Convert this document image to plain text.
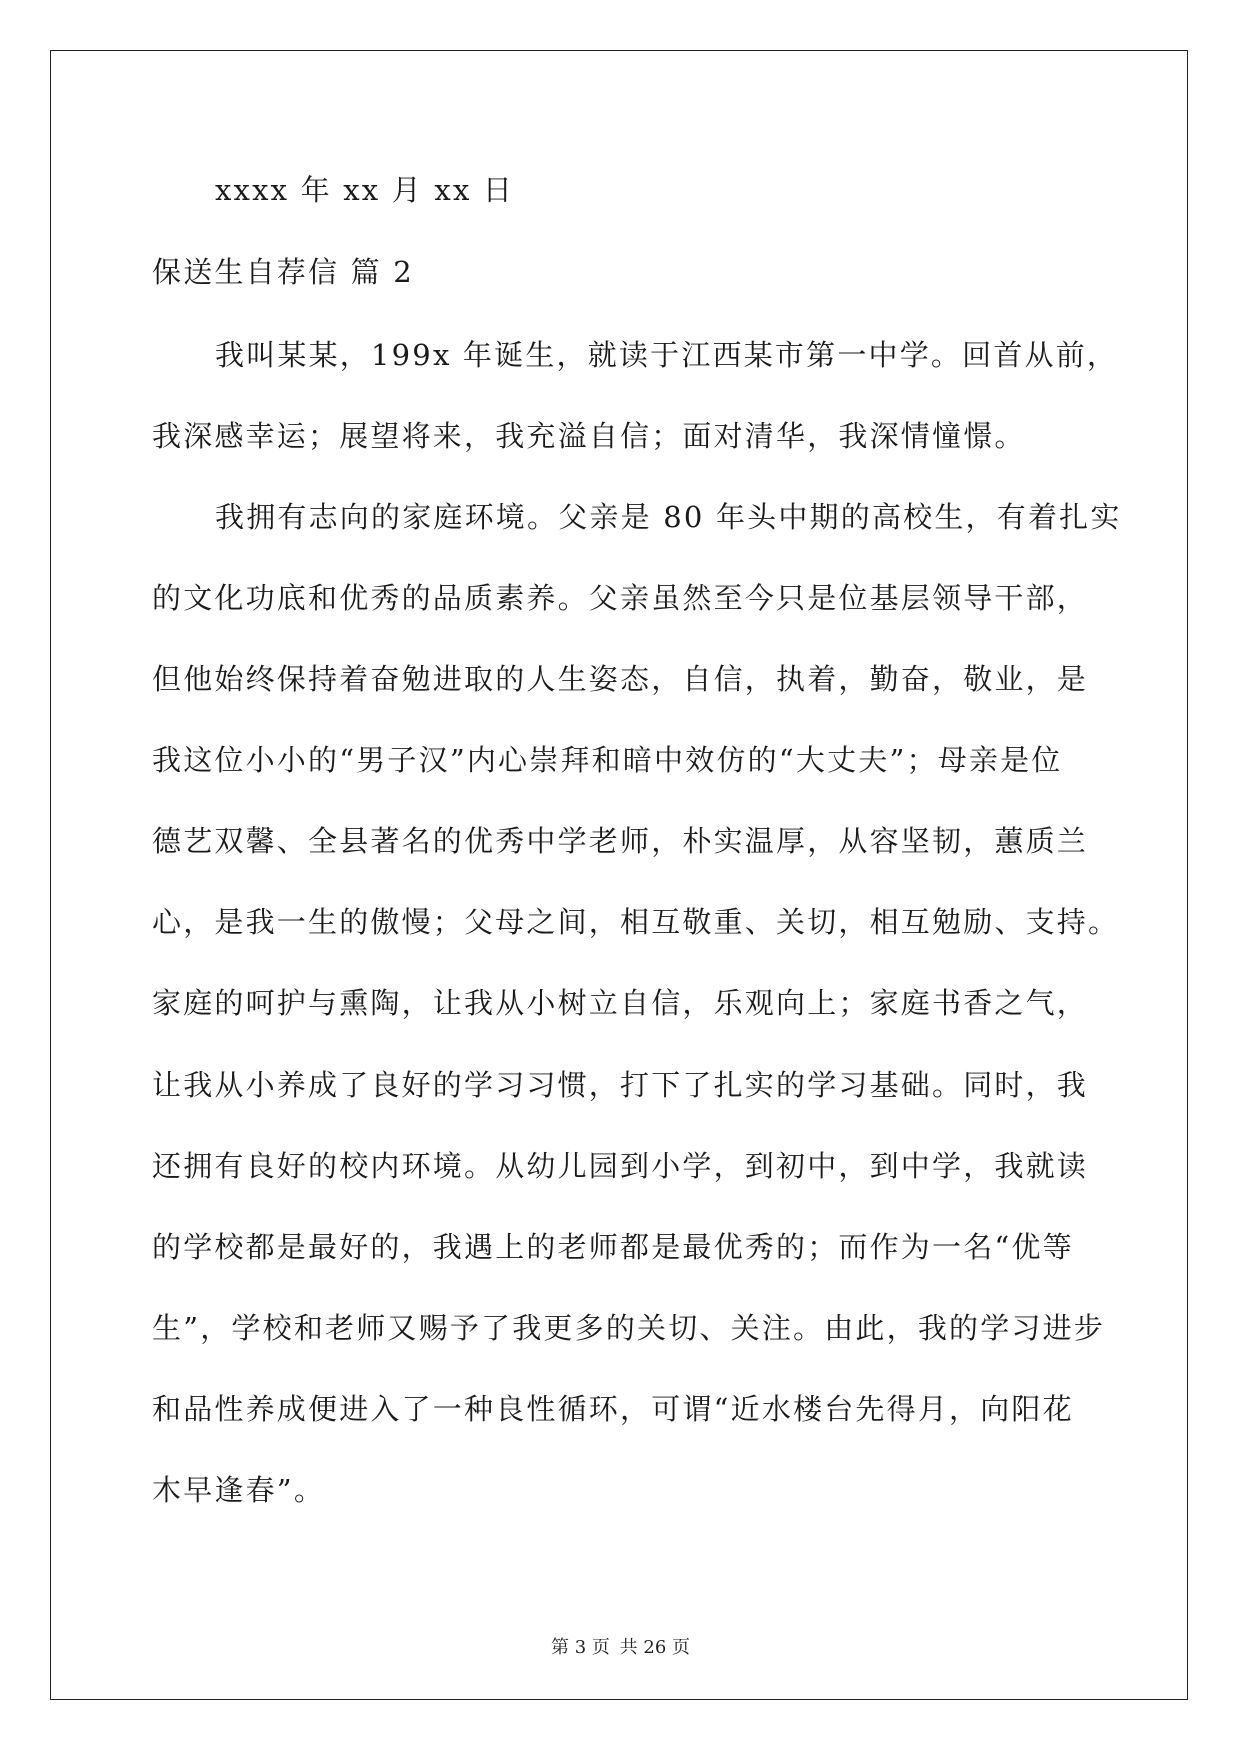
xxxx 年 xx 月 xx 日
保送生自荐信 篇 2
我叫某某，199x 年诞生，就读于江西某市第一中学。回首从前，
我深感幸运；展望将来，我充溢自信；面对清华，我深情憧憬。
我拥有志向的家庭环境。父亲是 80 年头中期的高校生，有着扎实
的文化功底和优秀的品质素养。父亲虽然至今只是位基层领导干部，
但他始终保持着奋勉进取的人生姿态，自信，执着，勤奋，敬业，是
我这位小小的“男子汉”内心崇拜和暗中效仿的“大丈夫”；母亲是位
德艺双馨、全县著名的优秀中学老师，朴实温厚，从容坚韧，蕙质兰
心，是我一生的傲慢；父母之间，相互敬重、关切，相互勉励、支持。
家庭的呵护与熏陶，让我从小树立自信，乐观向上；家庭书香之气，
让我从小养成了良好的学习习惯，打下了扎实的学习基础。同时，我
还拥有良好的校内环境。从幼儿园到小学，到初中，到中学，我就读
的学校都是最好的，我遇上的老师都是最优秀的；而作为一名“优等
生”，学校和老师又赐予了我更多的关切、关注。由此，我的学习进步
和品性养成便进入了一种良性循环，可谓“近水楼台先得月，向阳花
木早逢春”。
第 3 页 共 26 页
